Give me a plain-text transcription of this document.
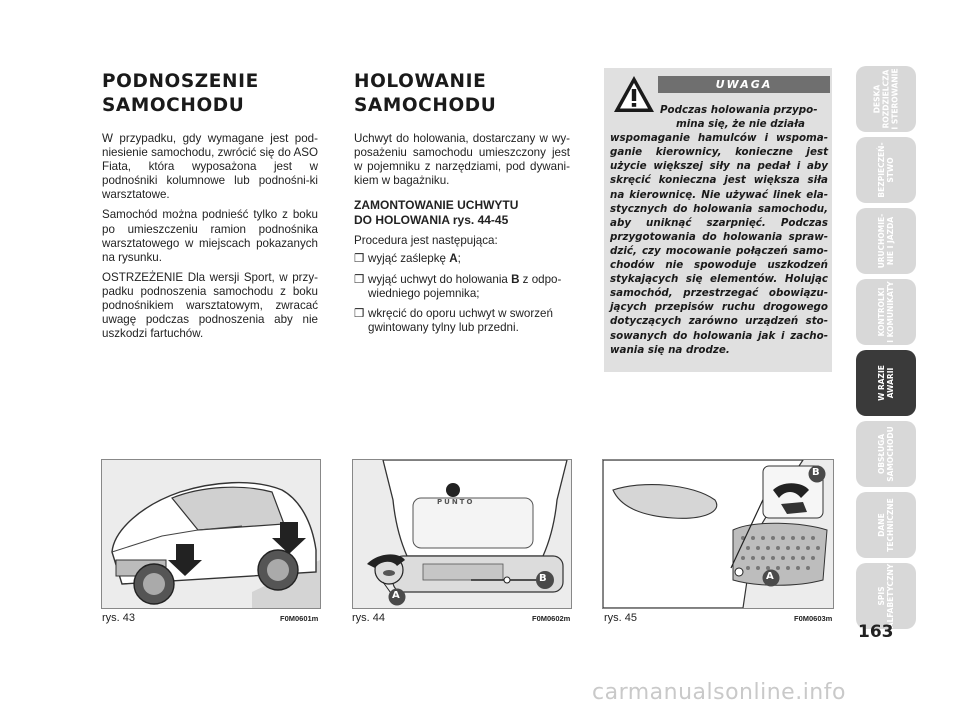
PODNOSZENIE
SAMOCHODU

W przypadku, gdy wymagane jest pod-niesienie samochodu, zwrócić się do ASO Fiata, która wyposażona jest w podnośniki kolumnowe lub podnośni-ki warsztatowe.

Samochód można podnieść tylko z boku po umieszczeniu ramion podnośnika warsztatowego w miejscach pokazanych na rysunku.

OSTRZEŻENIE Dla wersji Sport, w przy-padku podnoszenia samochodu z boku podnośnikiem warsztatowym, zwracać uwagę podczas podnoszenia aby nie uszkodzi fartuchów.

HOLOWANIE
SAMOCHODU

Uchwyt do holowania, dostarczany w wy-posażeniu samochodu umieszczony jest w pojemniku z narzędziami, pod dywani-kiem w bagażniku.

ZAMONTOWANIE UCHWYTU
DO HOLOWANIA rys. 44-45

Procedura jest następująca:

❒ wyjąć zaślepkę A;

❒ wyjąć uchwyt do holowania B z odpo-wiedniego pojemnika;

❒ wkręcić do oporu uchwyt w sworzeń gwintowany tylny lub przedni.

UWAGA
Podczas holowania przypo-
mina się, że nie działa
wspomaganie hamulców i wspoma-ganie kierownicy, konieczne jest użycie większej siły na pedał i aby skręcić konieczna jest większa siła na kierownicę. Nie używać linek ela-stycznych do holowania samochodu, aby uniknąć szarpnięć. Podczas przygotowania do holowania spraw-dzić, czy mocowanie połączeń samo-chodów nie spowoduje uszkodzeń stykających się elementów. Holując samochód, przestrzegać obowiązu-jących przepisów ruchu drogowego dotyczących zarówno urządzeń sto-sowanych do holowania jak i zacho-wania się na drodze.
rys. 43	F0M0601m
PUNTO
B
A
rys. 44	F0M0602m
B
A
rys. 45	F0M0603m
DESKA ROZDZIELCZA I STEROWANIE
BEZPIECZEŃ- STWO
URUCHOMIE- NIE I JAZDA
KONTROLKI I KOMUNIKATY
W RAZIE AWARII
OBSŁUGA SAMOCHODU
DANE TECHNICZNE
SPIS ALFABETYCZNY
163
carmanualsonline.info
